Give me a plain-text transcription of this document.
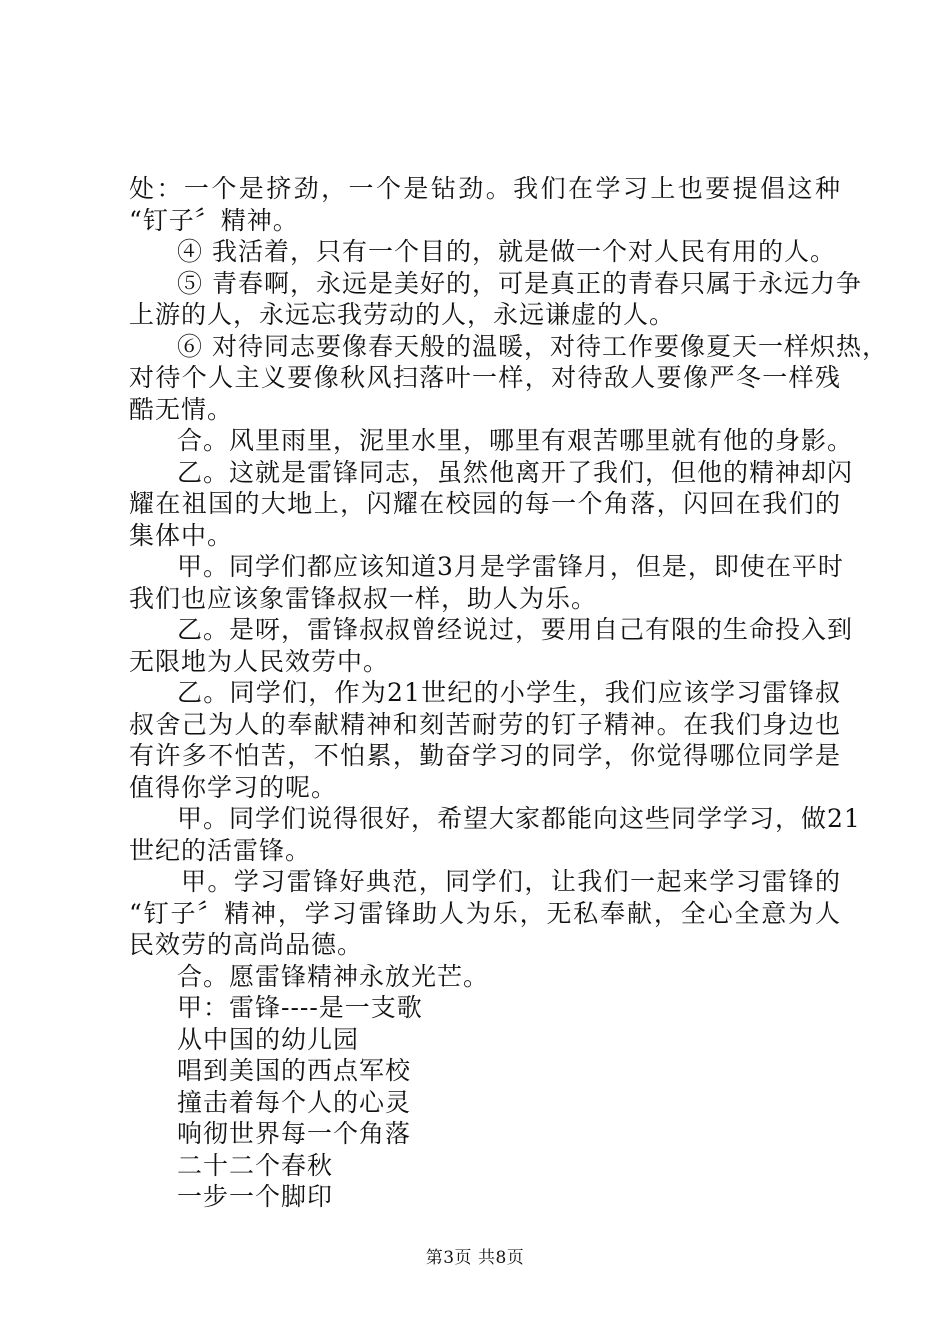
处：一个是挤劲，一个是钻劲。我们在学习上也要提倡这种
“钉子〞精神。
④ 我活着，只有一个目的，就是做一个对人民有用的人。
⑤ 青春啊，永远是美好的，可是真正的青春只属于永远力争
上游的人，永远忘我劳动的人，永远谦虚的人。
⑥ 对待同志要像春天般的温暖，对待工作要像夏天一样炽热，
对待个人主义要像秋风扫落叶一样，对待敌人要像严冬一样残
酷无情。
合。风里雨里，泥里水里，哪里有艰苦哪里就有他的身影。
乙。这就是雷锋同志，虽然他离开了我们，但他的精神却闪
耀在祖国的大地上，闪耀在校园的每一个角落，闪回在我们的
集体中。
甲。同学们都应该知道3月是学雷锋月，但是，即使在平时
我们也应该象雷锋叔叔一样，助人为乐。
乙。是呀，雷锋叔叔曾经说过，要用自己有限的生命投入到
无限地为人民效劳中。
乙。同学们，作为21世纪的小学生，我们应该学习雷锋叔
叔舍己为人的奉献精神和刻苦耐劳的钉子精神。在我们身边也
有许多不怕苦，不怕累，勤奋学习的同学，你觉得哪位同学是
值得你学习的呢。
甲。同学们说得很好，希望大家都能向这些同学学习，做21
世纪的活雷锋。
甲。学习雷锋好典范，同学们，让我们一起来学习雷锋的
“钉子〞精神，学习雷锋助人为乐，无私奉献，全心全意为人
民效劳的高尚品德。
合。愿雷锋精神永放光芒。
甲：雷锋----是一支歌
从中国的幼儿园
唱到美国的西点军校
撞击着每个人的心灵
响彻世界每一个角落
二十二个春秋
一步一个脚印
第3页 共8页
